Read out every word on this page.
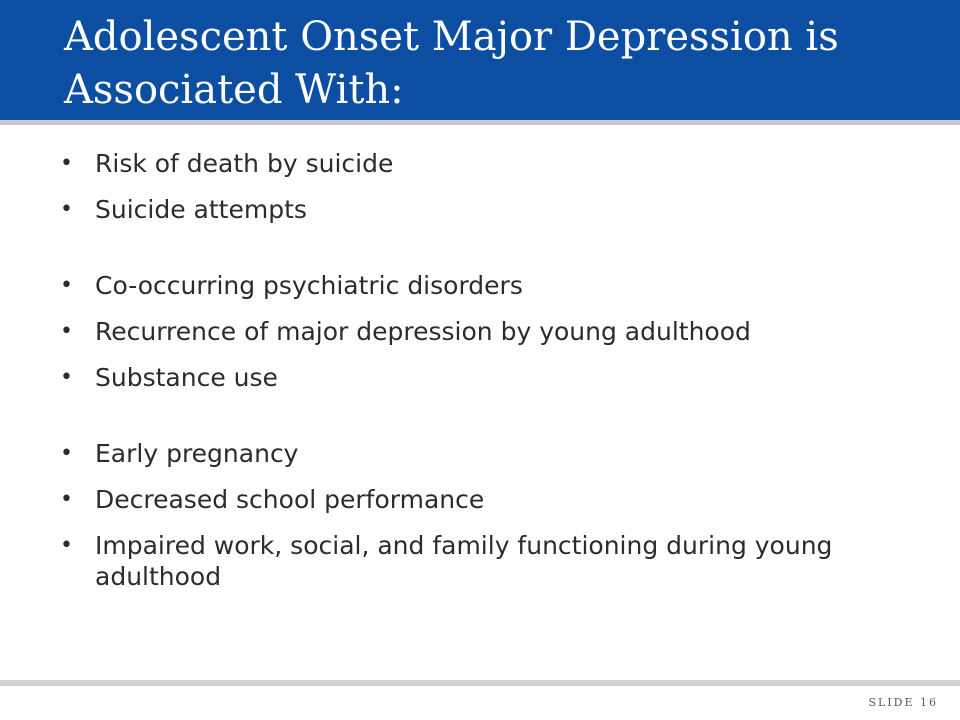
Adolescent Onset Major Depression is Associated With:
• Risk of death by suicide
• Suicide attempts
• Co-occurring psychiatric disorders
• Recurrence of major depression by young adulthood
• Substance use
• Early pregnancy
• Decreased school performance
• Impaired work, social, and family functioning during young adulthood
SLIDE 16
